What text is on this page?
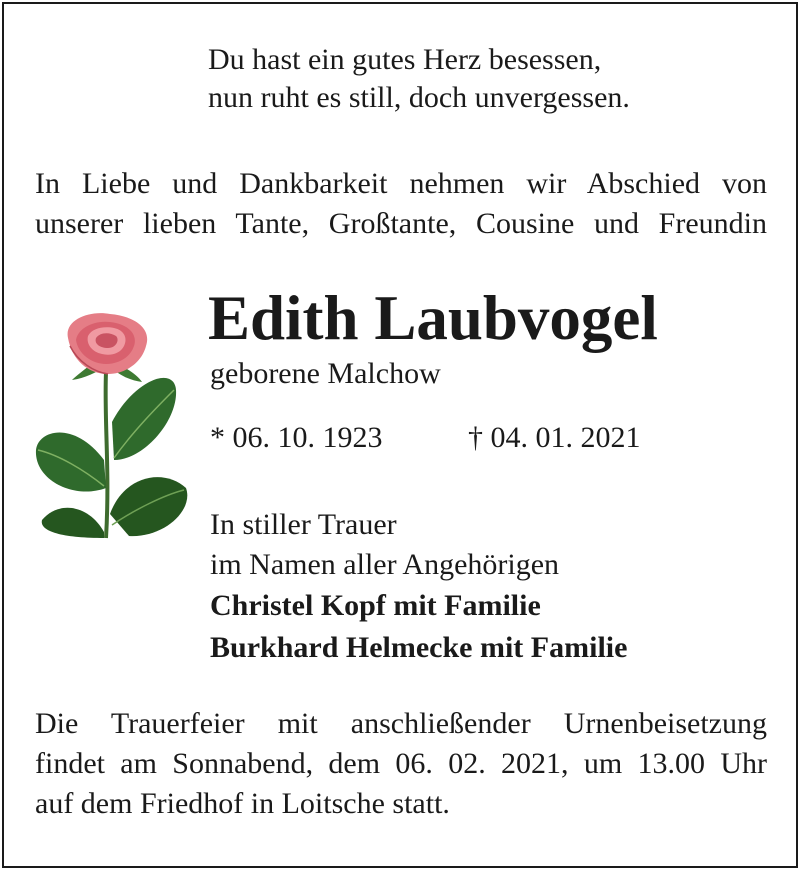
Du hast ein gutes Herz besessen,
nun ruht es still, doch unvergessen.
In Liebe und Dankbarkeit nehmen wir Abschied von
unserer lieben Tante, Großtante, Cousine und Freundin
Edith Laubvogel
geborene Malchow
* 06. 10. 1923	† 04. 01. 2021
In stiller Trauer
im Namen aller Angehörigen
Christel Kopf mit Familie
Burkhard Helmecke mit Familie
Die Trauerfeier mit anschließender Urnenbeisetzung
findet am Sonnabend, dem 06. 02. 2021, um 13.00 Uhr
auf dem Friedhof in Loitsche statt.
